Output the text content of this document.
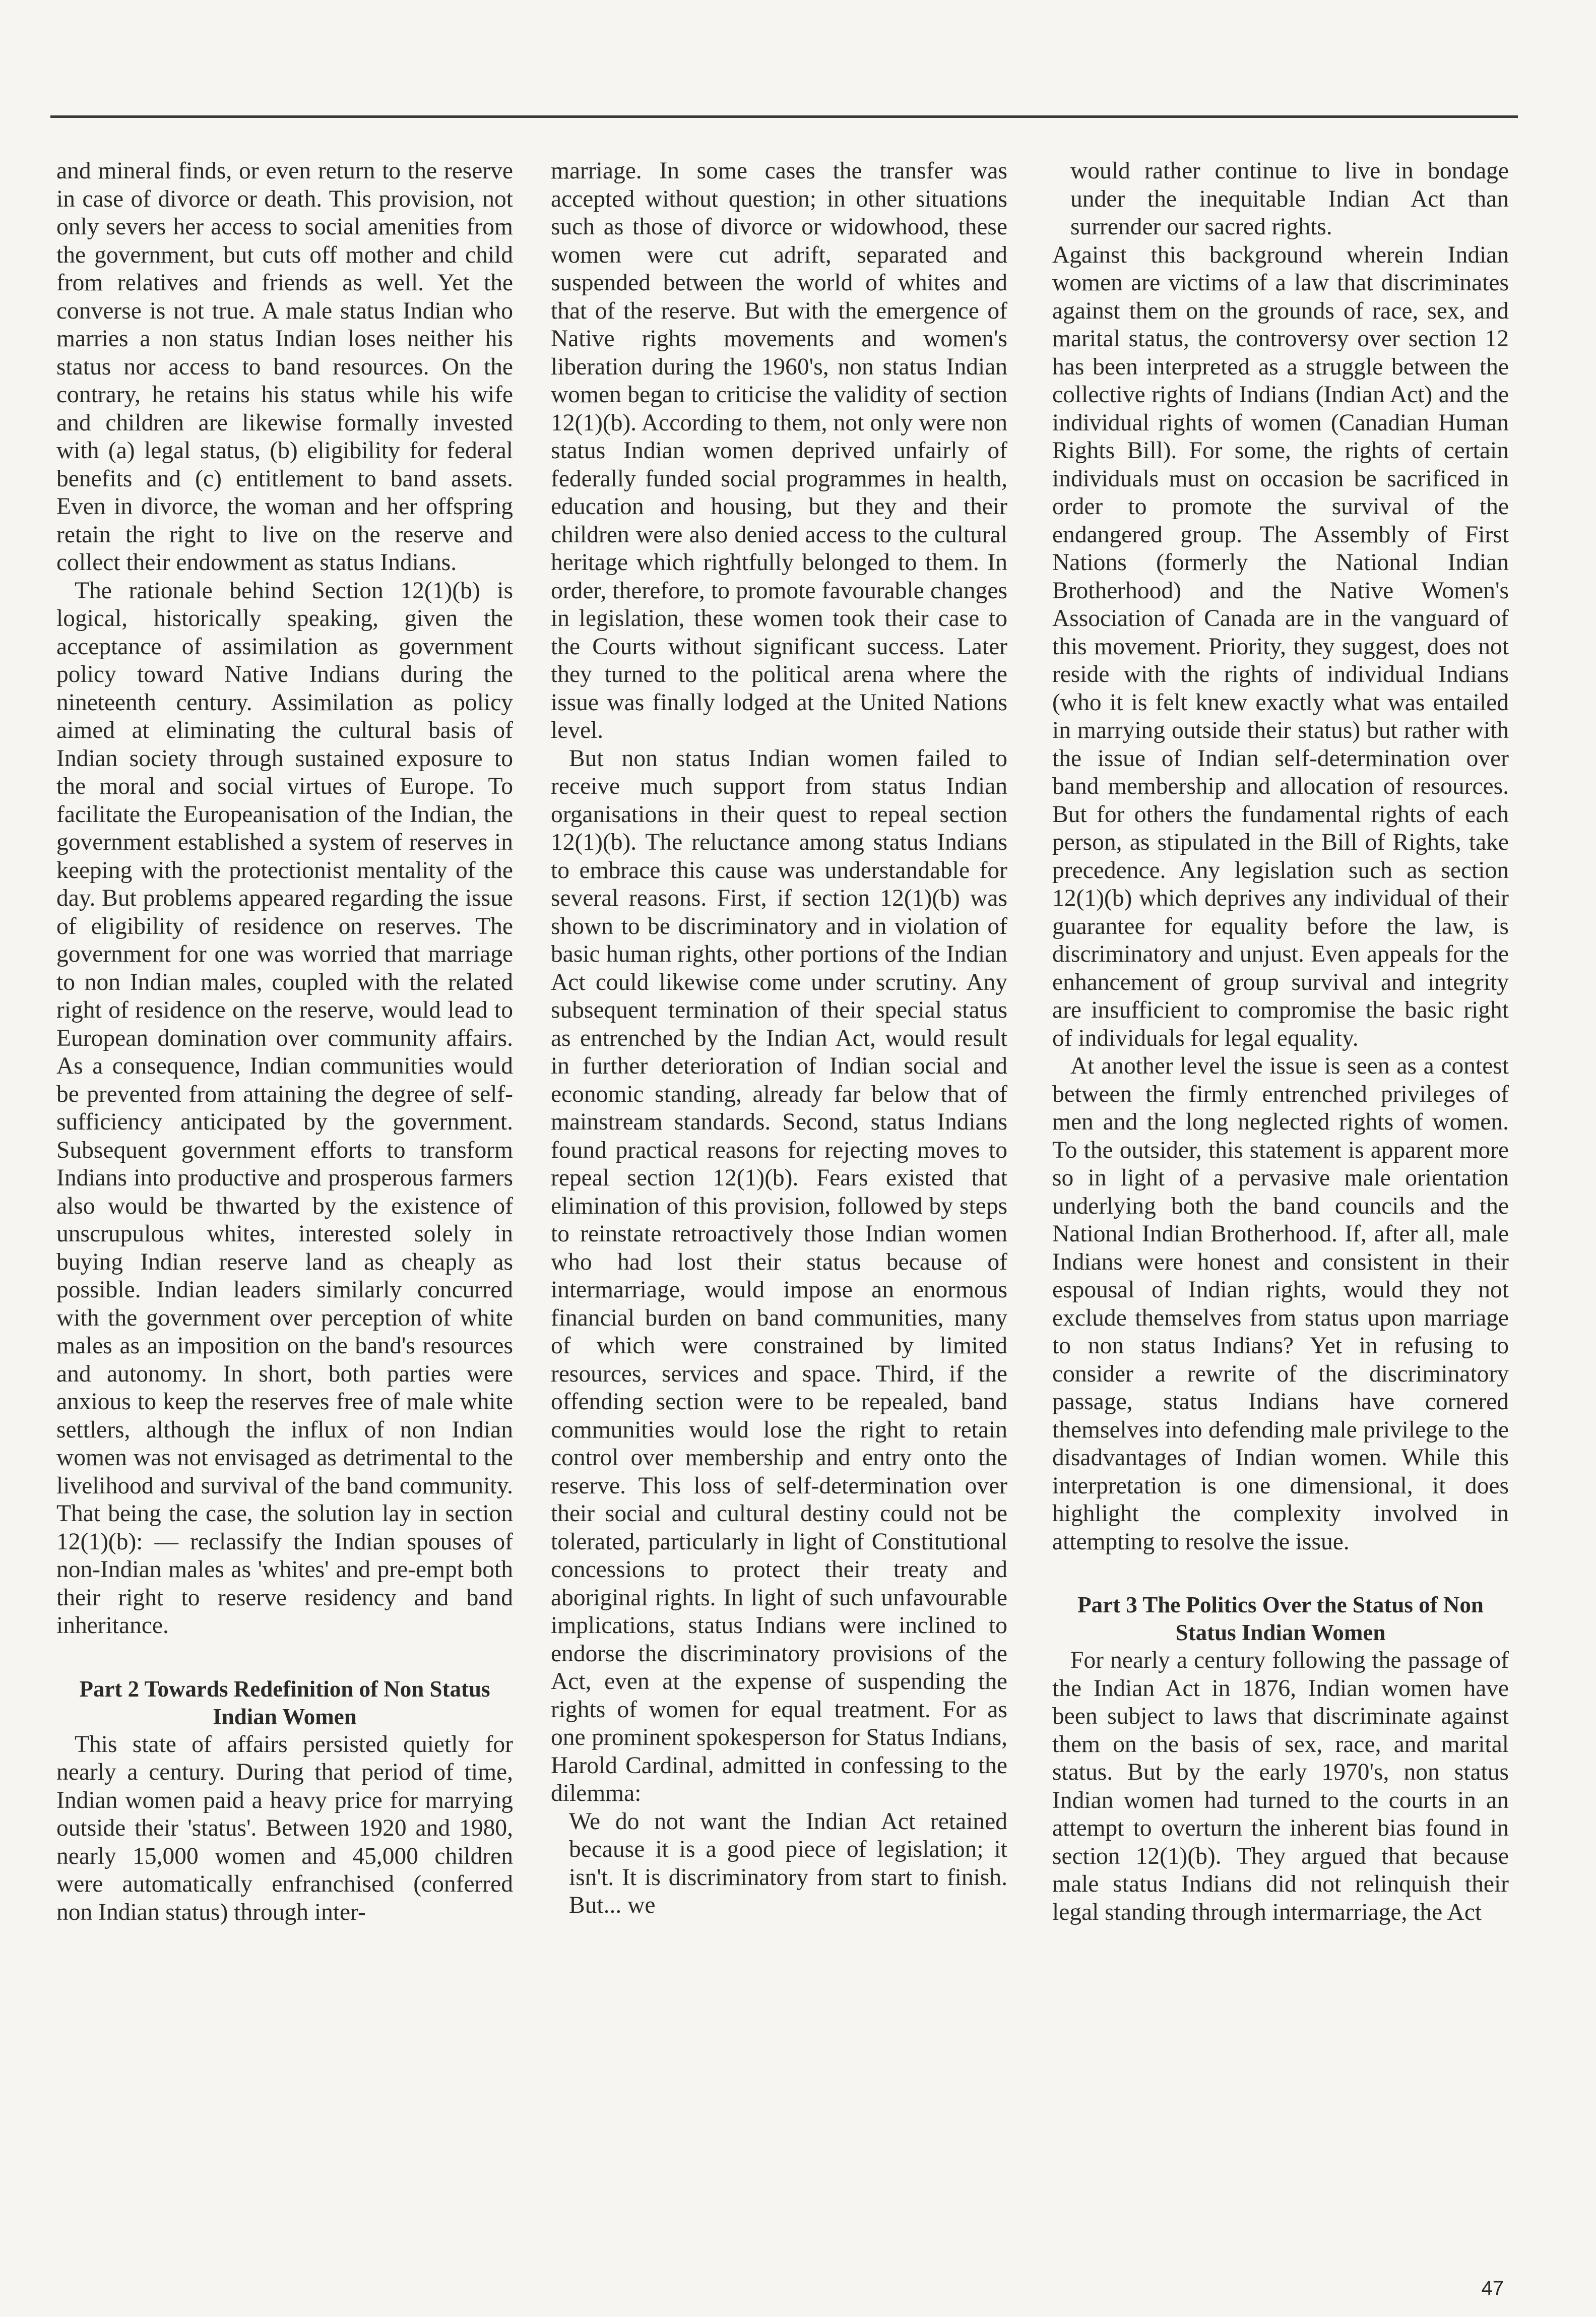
and mineral finds, or even return to the reserve in case of divorce or death. This provision, not only severs her access to social amenities from the government, but cuts off mother and child from relatives and friends as well. Yet the converse is not true. A male status Indian who marries a non status Indian loses neither his status nor access to band resources. On the contrary, he retains his status while his wife and children are likewise formally invested with (a) legal status, (b) eligibility for federal benefits and (c) entitlement to band assets. Even in divorce, the woman and her offspring retain the right to live on the reserve and collect their endowment as status Indians.

The rationale behind Section 12(1)(b) is logical, historically speaking, given the acceptance of assimilation as government policy toward Native Indians during the nineteenth century. Assimilation as policy aimed at eliminating the cultural basis of Indian society through sustained exposure to the moral and social virtues of Europe. To facilitate the Europeanisation of the Indian, the government established a system of reserves in keeping with the protectionist mentality of the day. But problems appeared regarding the issue of eligibility of residence on reserves. The government for one was worried that marriage to non Indian males, coupled with the related right of residence on the reserve, would lead to European domination over community affairs. As a consequence, Indian communities would be prevented from attaining the degree of self-sufficiency anticipated by the government. Subsequent government efforts to transform Indians into productive and prosperous farmers also would be thwarted by the existence of unscrupulous whites, interested solely in buying Indian reserve land as cheaply as possible. Indian leaders similarly concurred with the government over perception of white males as an imposition on the band's resources and autonomy. In short, both parties were anxious to keep the reserves free of male white settlers, although the influx of non Indian women was not envisaged as detrimental to the livelihood and survival of the band community. That being the case, the solution lay in section 12(1)(b): — reclassify the Indian spouses of non-Indian males as 'whites' and pre-empt both their right to reserve residency and band inheritance.

Part 2 Towards Redefinition of Non Status Indian Women

This state of affairs persisted quietly for nearly a century. During that period of time, Indian women paid a heavy price for marrying outside their 'status'. Between 1920 and 1980, nearly 15,000 women and 45,000 children were automatically enfranchised (conferred non Indian status) through inter-

marriage. In some cases the transfer was accepted without question; in other situations such as those of divorce or widowhood, these women were cut adrift, separated and suspended between the world of whites and that of the reserve. But with the emergence of Native rights movements and women's liberation during the 1960's, non status Indian women began to criticise the validity of section 12(1)(b). According to them, not only were non status Indian women deprived unfairly of federally funded social programmes in health, education and housing, but they and their children were also denied access to the cultural heritage which rightfully belonged to them. In order, therefore, to promote favourable changes in legislation, these women took their case to the Courts without significant success. Later they turned to the political arena where the issue was finally lodged at the United Nations level.

But non status Indian women failed to receive much support from status Indian organisations in their quest to repeal section 12(1)(b). The reluctance among status Indians to embrace this cause was understandable for several reasons. First, if section 12(1)(b) was shown to be discriminatory and in violation of basic human rights, other portions of the Indian Act could likewise come under scrutiny. Any subsequent termination of their special status as entrenched by the Indian Act, would result in further deterioration of Indian social and economic standing, already far below that of mainstream standards. Second, status Indians found practical reasons for rejecting moves to repeal section 12(1)(b). Fears existed that elimination of this provision, followed by steps to reinstate retroactively those Indian women who had lost their status because of intermarriage, would impose an enormous financial burden on band communities, many of which were constrained by limited resources, services and space. Third, if the offending section were to be repealed, band communities would lose the right to retain control over membership and entry onto the reserve. This loss of self-determination over their social and cultural destiny could not be tolerated, particularly in light of Constitutional concessions to protect their treaty and aboriginal rights. In light of such unfavourable implications, status Indians were inclined to endorse the discriminatory provisions of the Act, even at the expense of suspending the rights of women for equal treatment. For as one prominent spokesperson for Status Indians, Harold Cardinal, admitted in confessing to the dilemma:

We do not want the Indian Act retained because it is a good piece of legislation; it isn't. It is discriminatory from start to finish. But... we

would rather continue to live in bondage under the inequitable Indian Act than surrender our sacred rights.

Against this background wherein Indian women are victims of a law that discriminates against them on the grounds of race, sex, and marital status, the controversy over section 12 has been interpreted as a struggle between the collective rights of Indians (Indian Act) and the individual rights of women (Canadian Human Rights Bill). For some, the rights of certain individuals must on occasion be sacrificed in order to promote the survival of the endangered group. The Assembly of First Nations (formerly the National Indian Brotherhood) and the Native Women's Association of Canada are in the vanguard of this movement. Priority, they suggest, does not reside with the rights of individual Indians (who it is felt knew exactly what was entailed in marrying outside their status) but rather with the issue of Indian self-determination over band membership and allocation of resources. But for others the fundamental rights of each person, as stipulated in the Bill of Rights, take precedence. Any legislation such as section 12(1)(b) which deprives any individual of their guarantee for equality before the law, is discriminatory and unjust. Even appeals for the enhancement of group survival and integrity are insufficient to compromise the basic right of individuals for legal equality.

At another level the issue is seen as a contest between the firmly entrenched privileges of men and the long neglected rights of women. To the outsider, this statement is apparent more so in light of a pervasive male orientation underlying both the band councils and the National Indian Brotherhood. If, after all, male Indians were honest and consistent in their espousal of Indian rights, would they not exclude themselves from status upon marriage to non status Indians? Yet in refusing to consider a rewrite of the discriminatory passage, status Indians have cornered themselves into defending male privilege to the disadvantages of Indian women. While this interpretation is one dimensional, it does highlight the complexity involved in attempting to resolve the issue.

Part 3 The Politics Over the Status of Non Status Indian Women

For nearly a century following the passage of the Indian Act in 1876, Indian women have been subject to laws that discriminate against them on the basis of sex, race, and marital status. But by the early 1970's, non status Indian women had turned to the courts in an attempt to overturn the inherent bias found in section 12(1)(b). They argued that because male status Indians did not relinquish their legal standing through intermarriage, the Act

47
